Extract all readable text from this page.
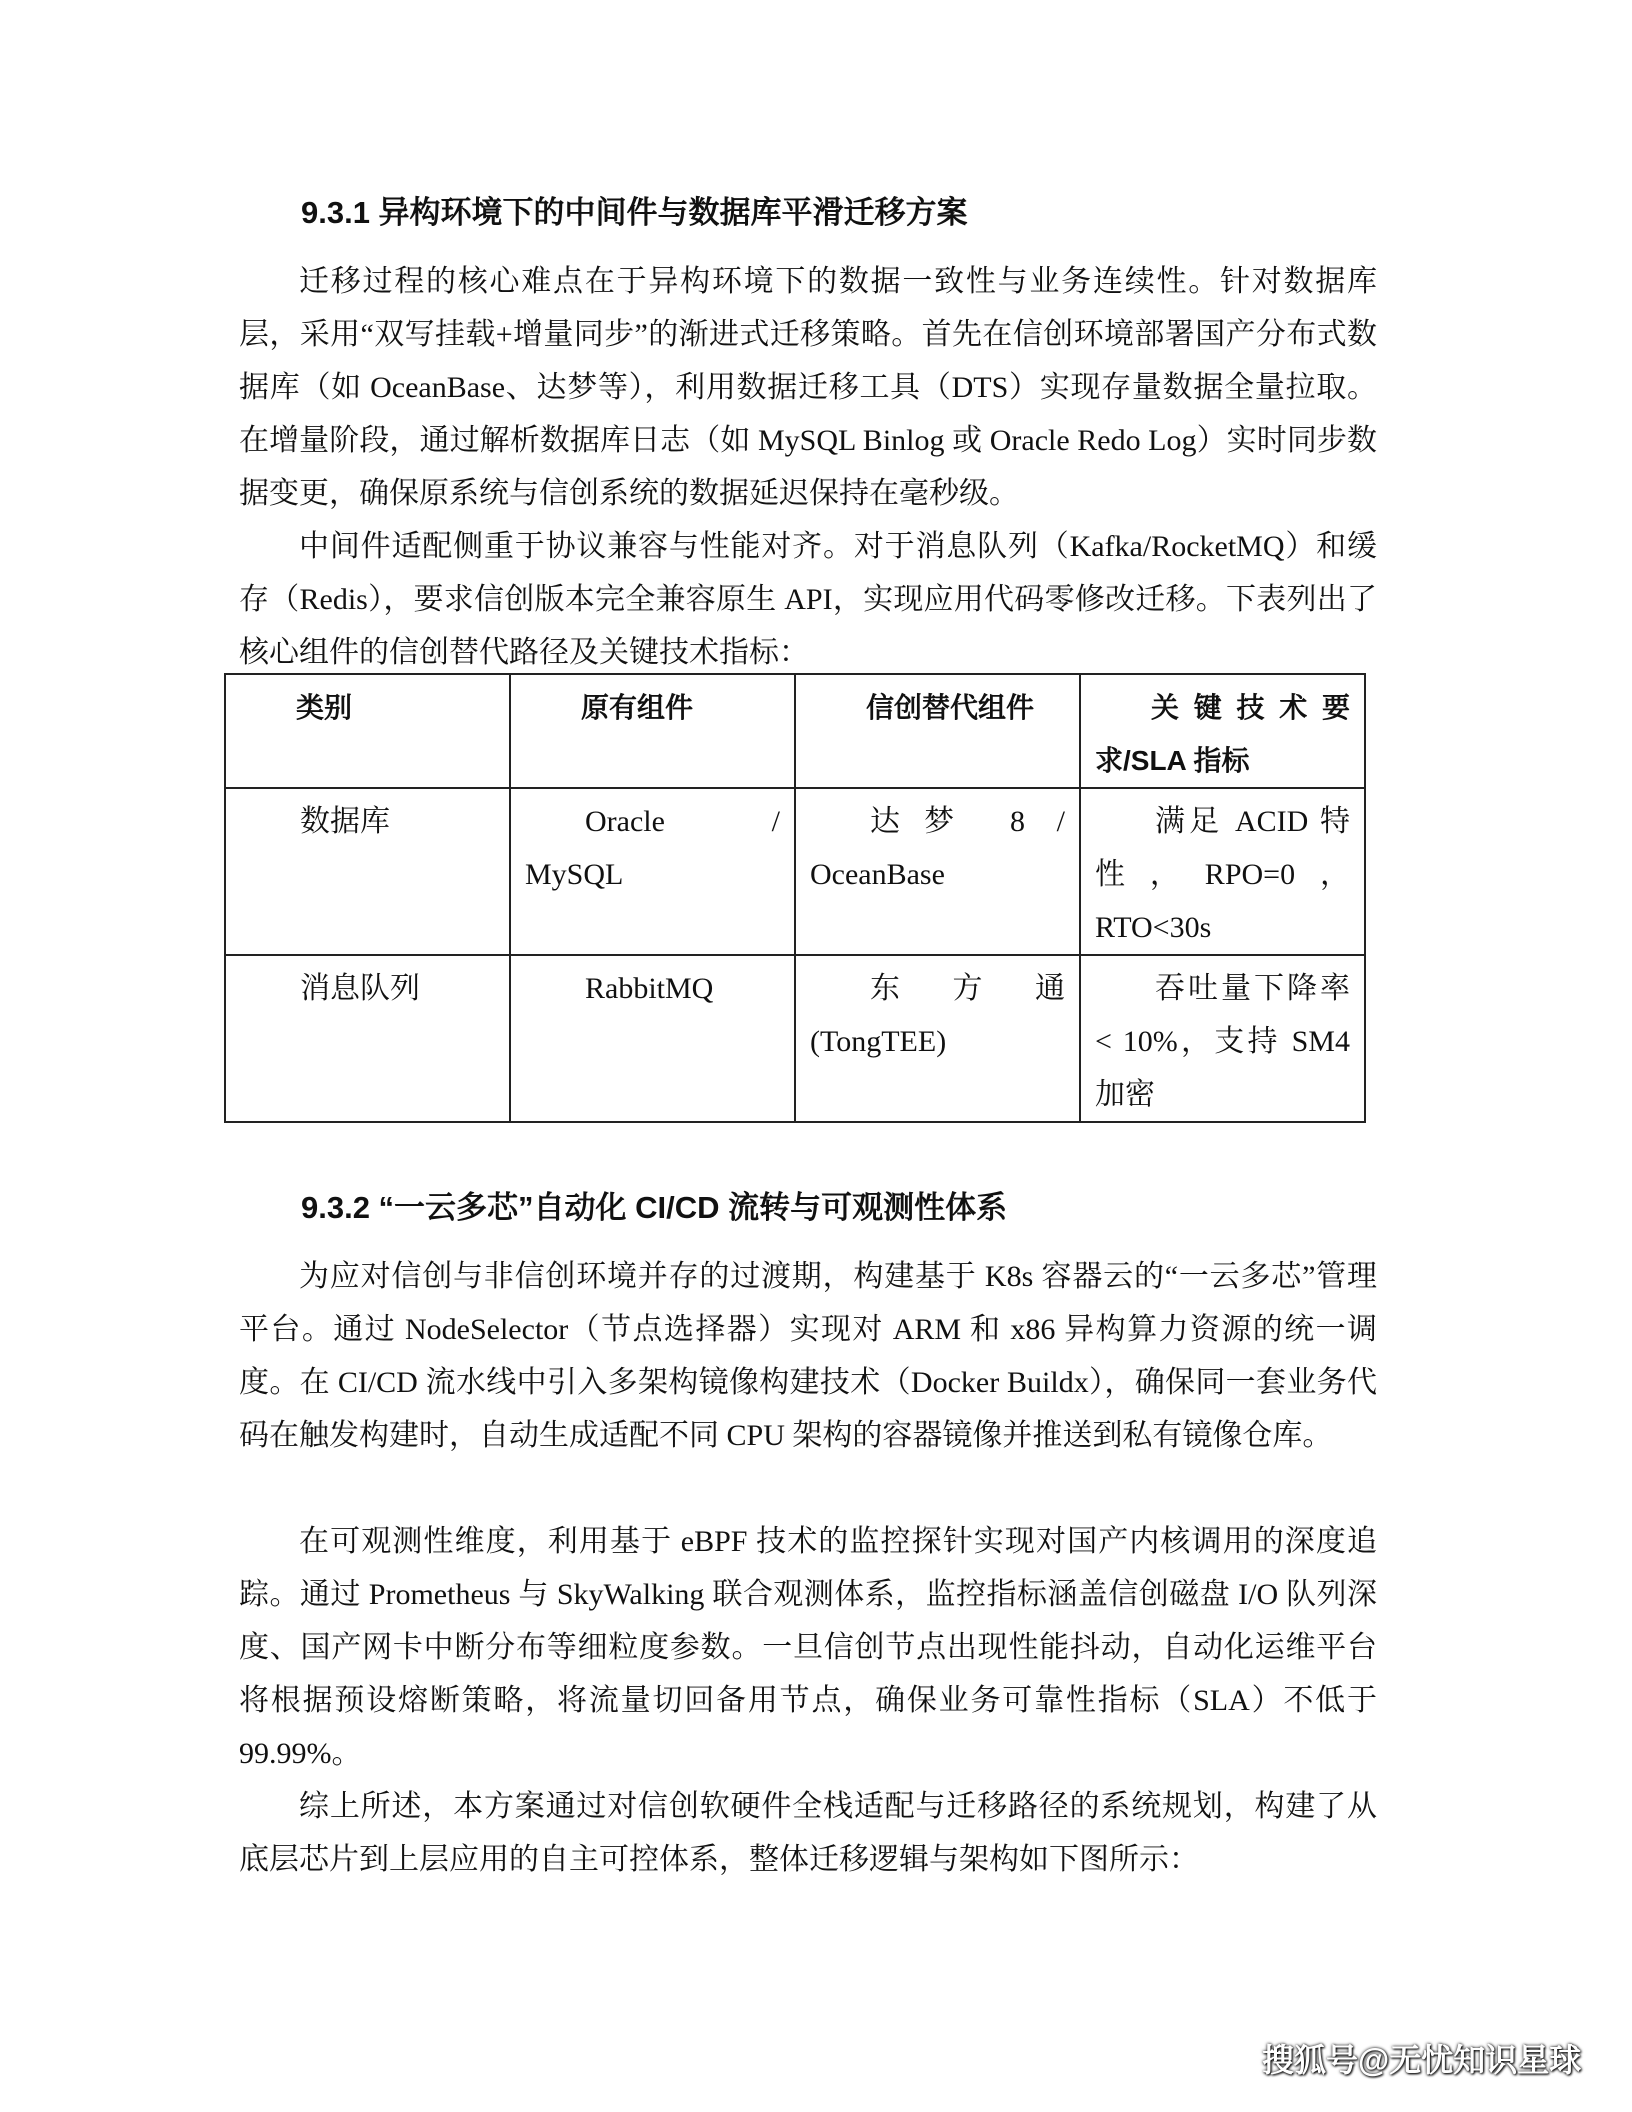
9.3.1 异构环境下的中间件与数据库平滑迁移方案

迁移过程的核心难点在于异构环境下的数据一致性与业务连续性。针对数据库层，采用“双写挂载+增量同步”的渐进式迁移策略。首先在信创环境部署国产分布式数据库（如 OceanBase、达梦等），利用数据迁移工具（DTS）实现存量数据全量拉取。在增量阶段，通过解析数据库日志（如 MySQL Binlog 或 Oracle Redo Log）实时同步数据变更，确保原系统与信创系统的数据延迟保持在毫秒级。

中间件适配侧重于协议兼容与性能对齐。对于消息队列（Kafka/RocketMQ）和缓存（Redis），要求信创版本完全兼容原生 API，实现应用代码零修改迁移。下表列出了核心组件的信创替代路径及关键技术指标：

类别	原有组件	信创替代组件	关键技术要求/SLA 指标
数据库	Oracle / MySQL	达梦 8 / OceanBase	满足 ACID 特性，RPO=0，RTO<30s
消息队列	RabbitMQ	东方通(TongTEE)	吞吐量下降率< 10%，支持 SM4 加密
9.3.2 “一云多芯”自动化 CI/CD 流转与可观测性体系

为应对信创与非信创环境并存的过渡期，构建基于 K8s 容器云的“一云多芯”管理平台。通过 NodeSelector（节点选择器）实现对 ARM 和 x86 异构算力资源的统一调度。在 CI/CD 流水线中引入多架构镜像构建技术（Docker Buildx），确保同一套业务代码在触发构建时，自动生成适配不同 CPU 架构的容器镜像并推送到私有镜像仓库。

在可观测性维度，利用基于 eBPF 技术的监控探针实现对国产内核调用的深度追踪。通过 Prometheus 与 SkyWalking 联合观测体系，监控指标涵盖信创磁盘 I/O 队列深度、国产网卡中断分布等细粒度参数。一旦信创节点出现性能抖动，自动化运维平台将根据预设熔断策略，将流量切回备用节点，确保业务可靠性指标（SLA）不低于 99.99%。

综上所述，本方案通过对信创软硬件全栈适配与迁移路径的系统规划，构建了从底层芯片到上层应用的自主可控体系，整体迁移逻辑与架构如下图所示：

搜狐号@无忧知识星球
